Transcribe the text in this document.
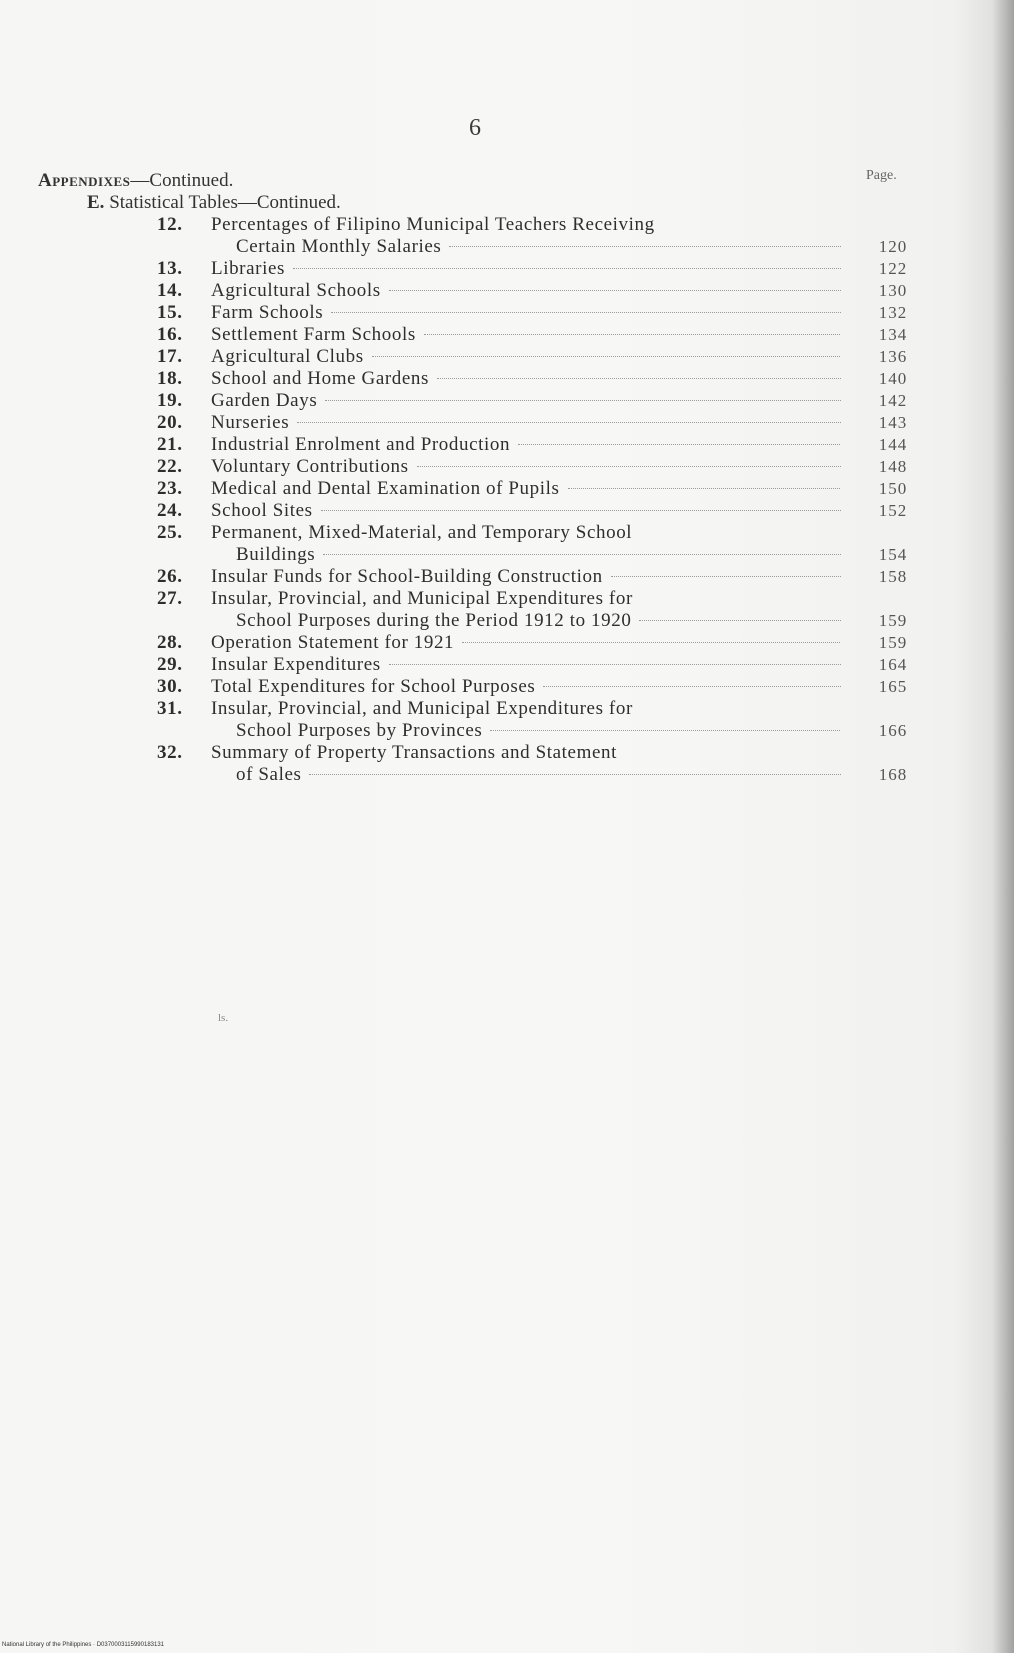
6
Page.
Appendixes—Continued.
E. Statistical Tables—Continued.
12.	Percentages of Filipino Municipal Teachers Receiving
Certain Monthly Salaries	120
13.	Libraries	122
14.	Agricultural Schools	130
15.	Farm Schools	132
16.	Settlement Farm Schools	134
17.	Agricultural Clubs	136
18.	School and Home Gardens	140
19.	Garden Days	142
20.	Nurseries	143
21.	Industrial Enrolment and Production	144
22.	Voluntary Contributions	148
23.	Medical and Dental Examination of Pupils	150
24.	School Sites	152
25.	Permanent, Mixed-Material, and Temporary School
Buildings	154
26.	Insular Funds for School-Building Construction	158
27.	Insular, Provincial, and Municipal Expenditures for
School Purposes during the Period 1912 to 1920	159
28.	Operation Statement for 1921	159
29.	Insular Expenditures	164
30.	Total Expenditures for School Purposes	165
31.	Insular, Provincial, and Municipal Expenditures for
School Purposes by Provinces	166
32.	Summary of Property Transactions and Statement
of Sales	168
ls.
National Library of the Philippines · D0370003115990183131
